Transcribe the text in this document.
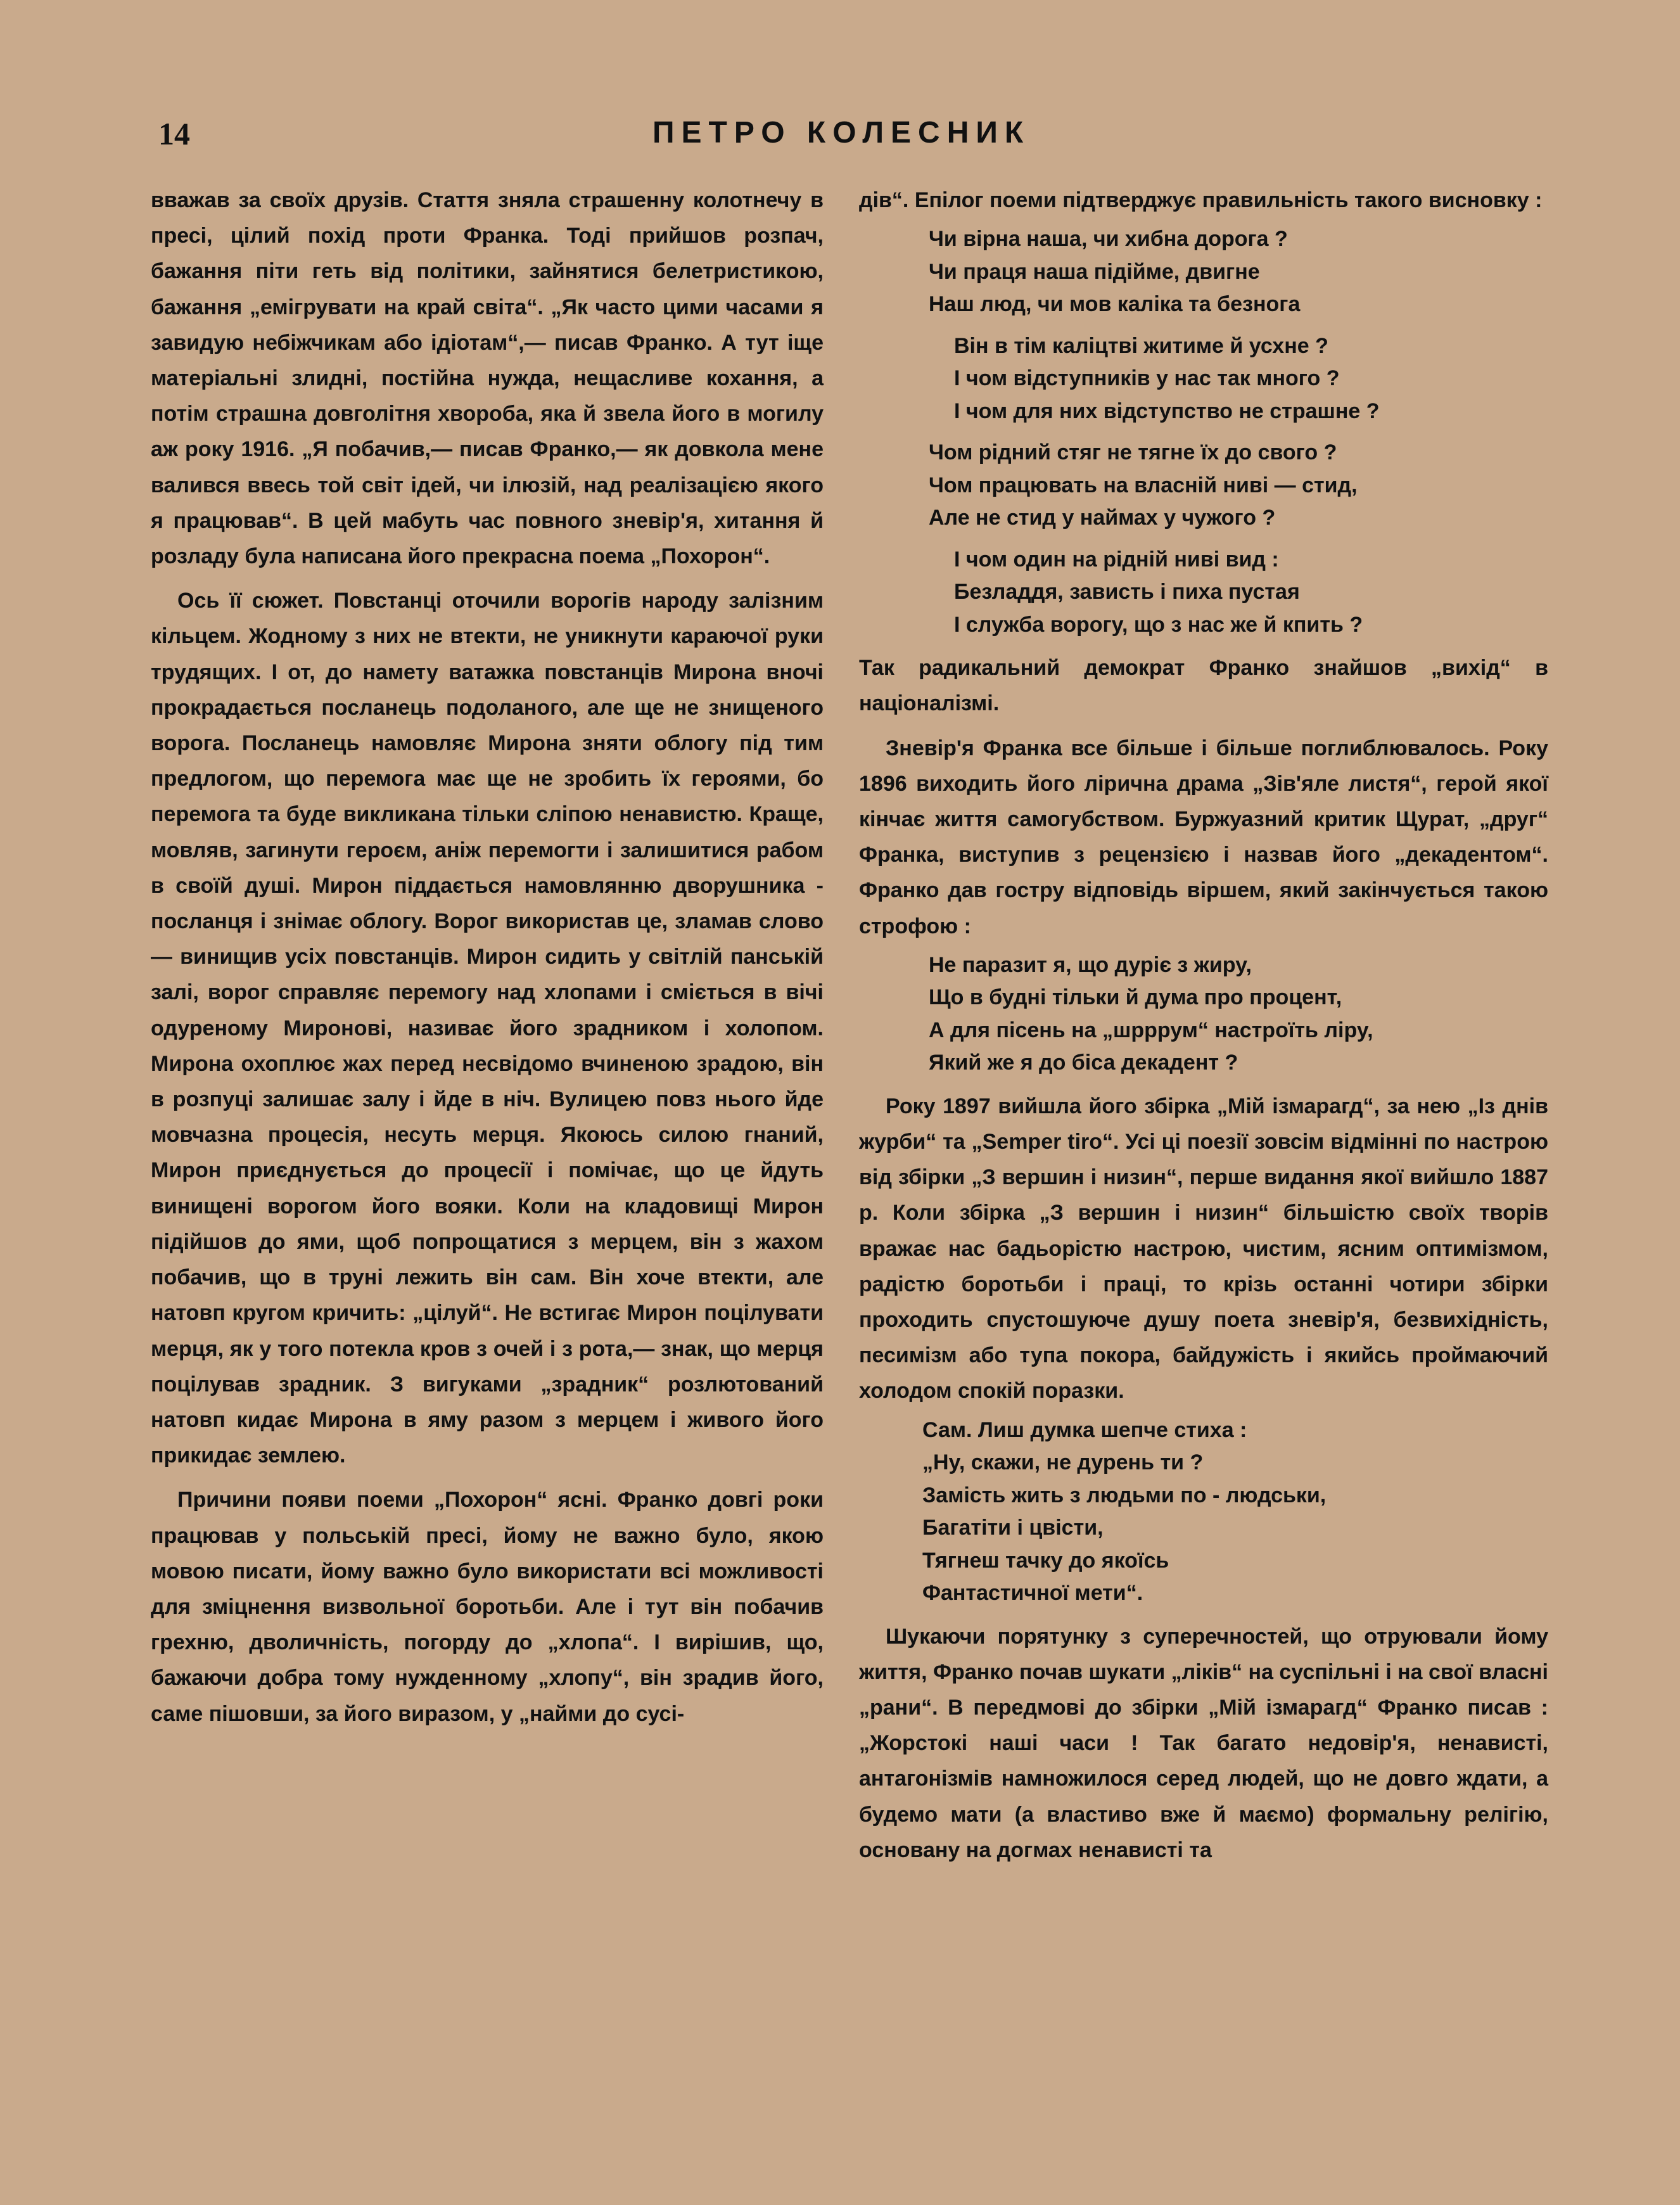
14	ПЕТРО КОЛЕСНИК

вважав за своїх друзів. Стаття зняла страшенну колотнечу в пресі, цілий похід проти Франка. Тоді прийшов розпач, бажання піти геть від політики, зайнятися белетристикою, бажання „емігрувати на край світа“. „Як часто цими часами я завидую небіжчикам або ідіотам“,— писав Франко. А тут іще матеріальні злидні, постійна нужда, нещасливе кохання, а потім страшна довголітня хвороба, яка й звела його в могилу аж року 1916. „Я побачив,— писав Франко,— як довкола мене валився ввесь той світ ідей, чи ілюзій, над реалізацією якого я працював“. В цей мабуть час повного зневір'я, хитання й розладу була написана його прекрасна поема „Похорон“.

Ось її сюжет. Повстанці оточили ворогів народу залізним кільцем. Жодному з них не втекти, не уникнути караючої руки трудящих. І от, до намету ватажка повстанців Мирона вночі прокрадається посланець подоланого, але ще не знищеного ворога. Посланець намовляє Мирона зняти облогу під тим предлогом, що перемога має ще не зробить їх героями, бо перемога та буде викликана тільки сліпою ненавистю. Краще, мовляв, загинути героєм, аніж перемогти і залишитися рабом в своїй душі. Мирон піддається намовлянню дворушника - посланця і знімає облогу. Ворог використав це, зламав слово — винищив усіх повстанців. Мирон сидить у світлій панській залі, ворог справляє перемогу над хлопами і сміється в вічі одуреному Миронові, називає його зрадником і холопом. Мирона охоплює жах перед несвідомо вчиненою зрадою, він в розпуці залишає залу і йде в ніч. Вулицею повз нього йде мовчазна процесія, несуть мерця. Якоюсь силою гнаний, Мирон приєднується до процесії і помічає, що це йдуть винищені ворогом його вояки. Коли на кладовищі Мирон підійшов до ями, щоб попрощатися з мерцем, він з жахом побачив, що в труні лежить він сам. Він хоче втекти, але натовп кругом кричить: „цілуй“. Не встигає Мирон поцілувати мерця, як у того потекла кров з очей і з рота,— знак, що мерця поцілував зрадник. З вигуками „зрадник“ розлютований натовп кидає Мирона в яму разом з мерцем і живого його прикидає землею.

Причини появи поеми „Похорон“ ясні. Франко довгі роки працював у польській пресі, йому не важно було, якою мовою писати, йому важно було використати всі можливості для зміцнення визвольної боротьби. Але і тут він побачив грехню, дволичність, погорду до „хлопа“. І вирішив, що, бажаючи добра тому нужденному „хлопу“, він зрадив його, саме пішовши, за його виразом, у „найми до сусі-

дів“. Епілог поеми підтверджує правильність такого висновку :

Чи вірна наша, чи хибна дорога ?
Чи праця наша підійме, двигне
Наш люд, чи мов каліка та безнога
Він в тім каліцтві житиме й усхне ?
І чом відступників у нас так много ?
І чом для них відступство не страшне ?
Чом рідний стяг не тягне їх до свого ?
Чом працювать на власній ниві — стид,
Але не стид у наймах у чужого ?
І чом один на рідній ниві вид :
Безладдя, зависть і пиха пустая
І служба ворогу, що з нас же й кпить ?

Так радикальний демократ Франко знайшов „вихід“ в націоналізмі.

Зневір'я Франка все більше і більше поглиблювалось. Року 1896 виходить його лірична драма „Зів'яле листя“, герой якої кінчає життя самогубством. Буржуазний критик Щурат, „друг“ Франка, виступив з рецензією і назвав його „декадентом“. Франко дав гостру відповідь віршем, який закінчується такою строфою :

Не паразит я, що дуріє з жиру,
Що в будні тільки й дума про процент,
А для пісень на „шрррум“ настроїть ліру,
Який же я до біса декадент ?

Року 1897 вийшла його збірка „Мій ізмарагд“, за нею „Із днів журби“ та „Semper tiro“. Усі ці поезії зовсім відмінні по настрою від збірки „З вершин і низин“, перше видання якої вийшло 1887 р. Коли збірка „З вершин і низин“ більшістю своїх творів вражає нас бадьорістю настрою, чистим, ясним оптимізмом, радістю боротьби і праці, то крізь останні чотири збірки проходить спустошуюче душу поета зневір'я, безвихідність, песимізм або тупа покора, байдужість і якийсь проймаючий холодом спокій поразки.

Сам. Лиш думка шепче стиха :
„Ну, скажи, не дурень ти ?
Замість жить з людьми по - людськи,
Багатіти і цвісти,
Тягнеш тачку до якоїсь
Фантастичної мети“.

Шукаючи порятунку з суперечностей, що отруювали йому життя, Франко почав шукати „ліків“ на суспільні і на свої власні „рани“. В передмові до збірки „Мій ізмарагд“ Франко писав : „Жорстокі наші часи ! Так багато недовір'я, ненависті, антагонізмів намножилося серед людей, що не довго ждати, а будемо мати (а властиво вже й маємо) формальну релігію, основану на догмах ненависті та
